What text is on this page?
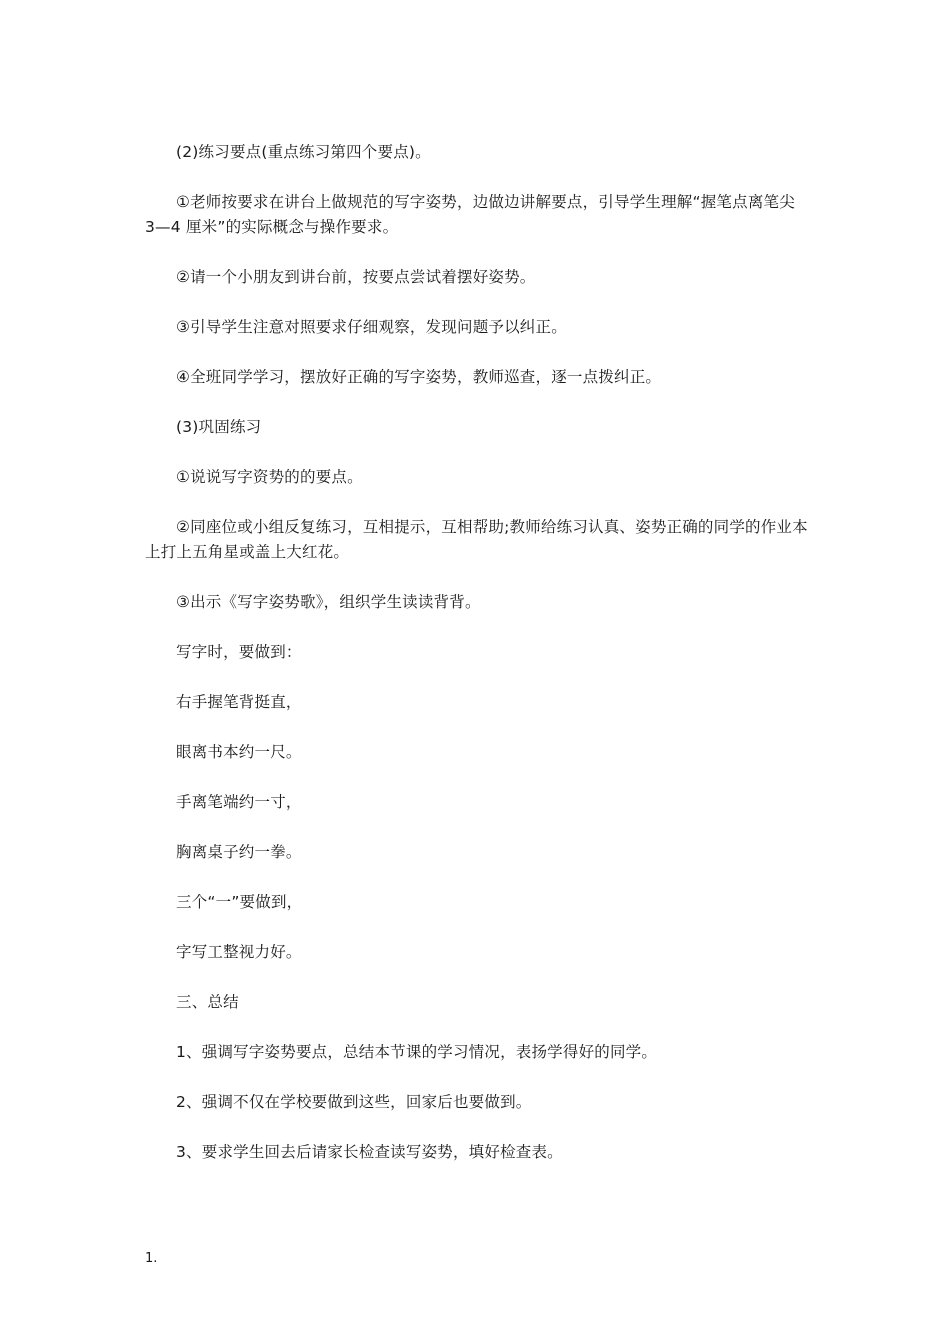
(2)练习要点(重点练习第四个要点)。

①老师按要求在讲台上做规范的写字姿势，边做边讲解要点，引导学生理解“握笔点离笔尖 3—4 厘米”的实际概念与操作要求。

②请一个小朋友到讲台前，按要点尝试着摆好姿势。

③引导学生注意对照要求仔细观察，发现问题予以纠正。

④全班同学学习，摆放好正确的写字姿势，教师巡查，逐一点拨纠正。

(3)巩固练习

①说说写字资势的的要点。

②同座位或小组反复练习，互相提示，互相帮助;教师给练习认真、姿势正确的同学的作业本上打上五角星或盖上大红花。

③出示《写字姿势歌》，组织学生读读背背。

写字时，要做到：

右手握笔背挺直，

眼离书本约一尺。

手离笔端约一寸，

胸离桌子约一拳。

三个“一”要做到，

字写工整视力好。

三、总结

1、强调写字姿势要点，总结本节课的学习情况，表扬学得好的同学。

2、强调不仅在学校要做到这些，回家后也要做到。

3、要求学生回去后请家长检查读写姿势，填好检查表。

1.
